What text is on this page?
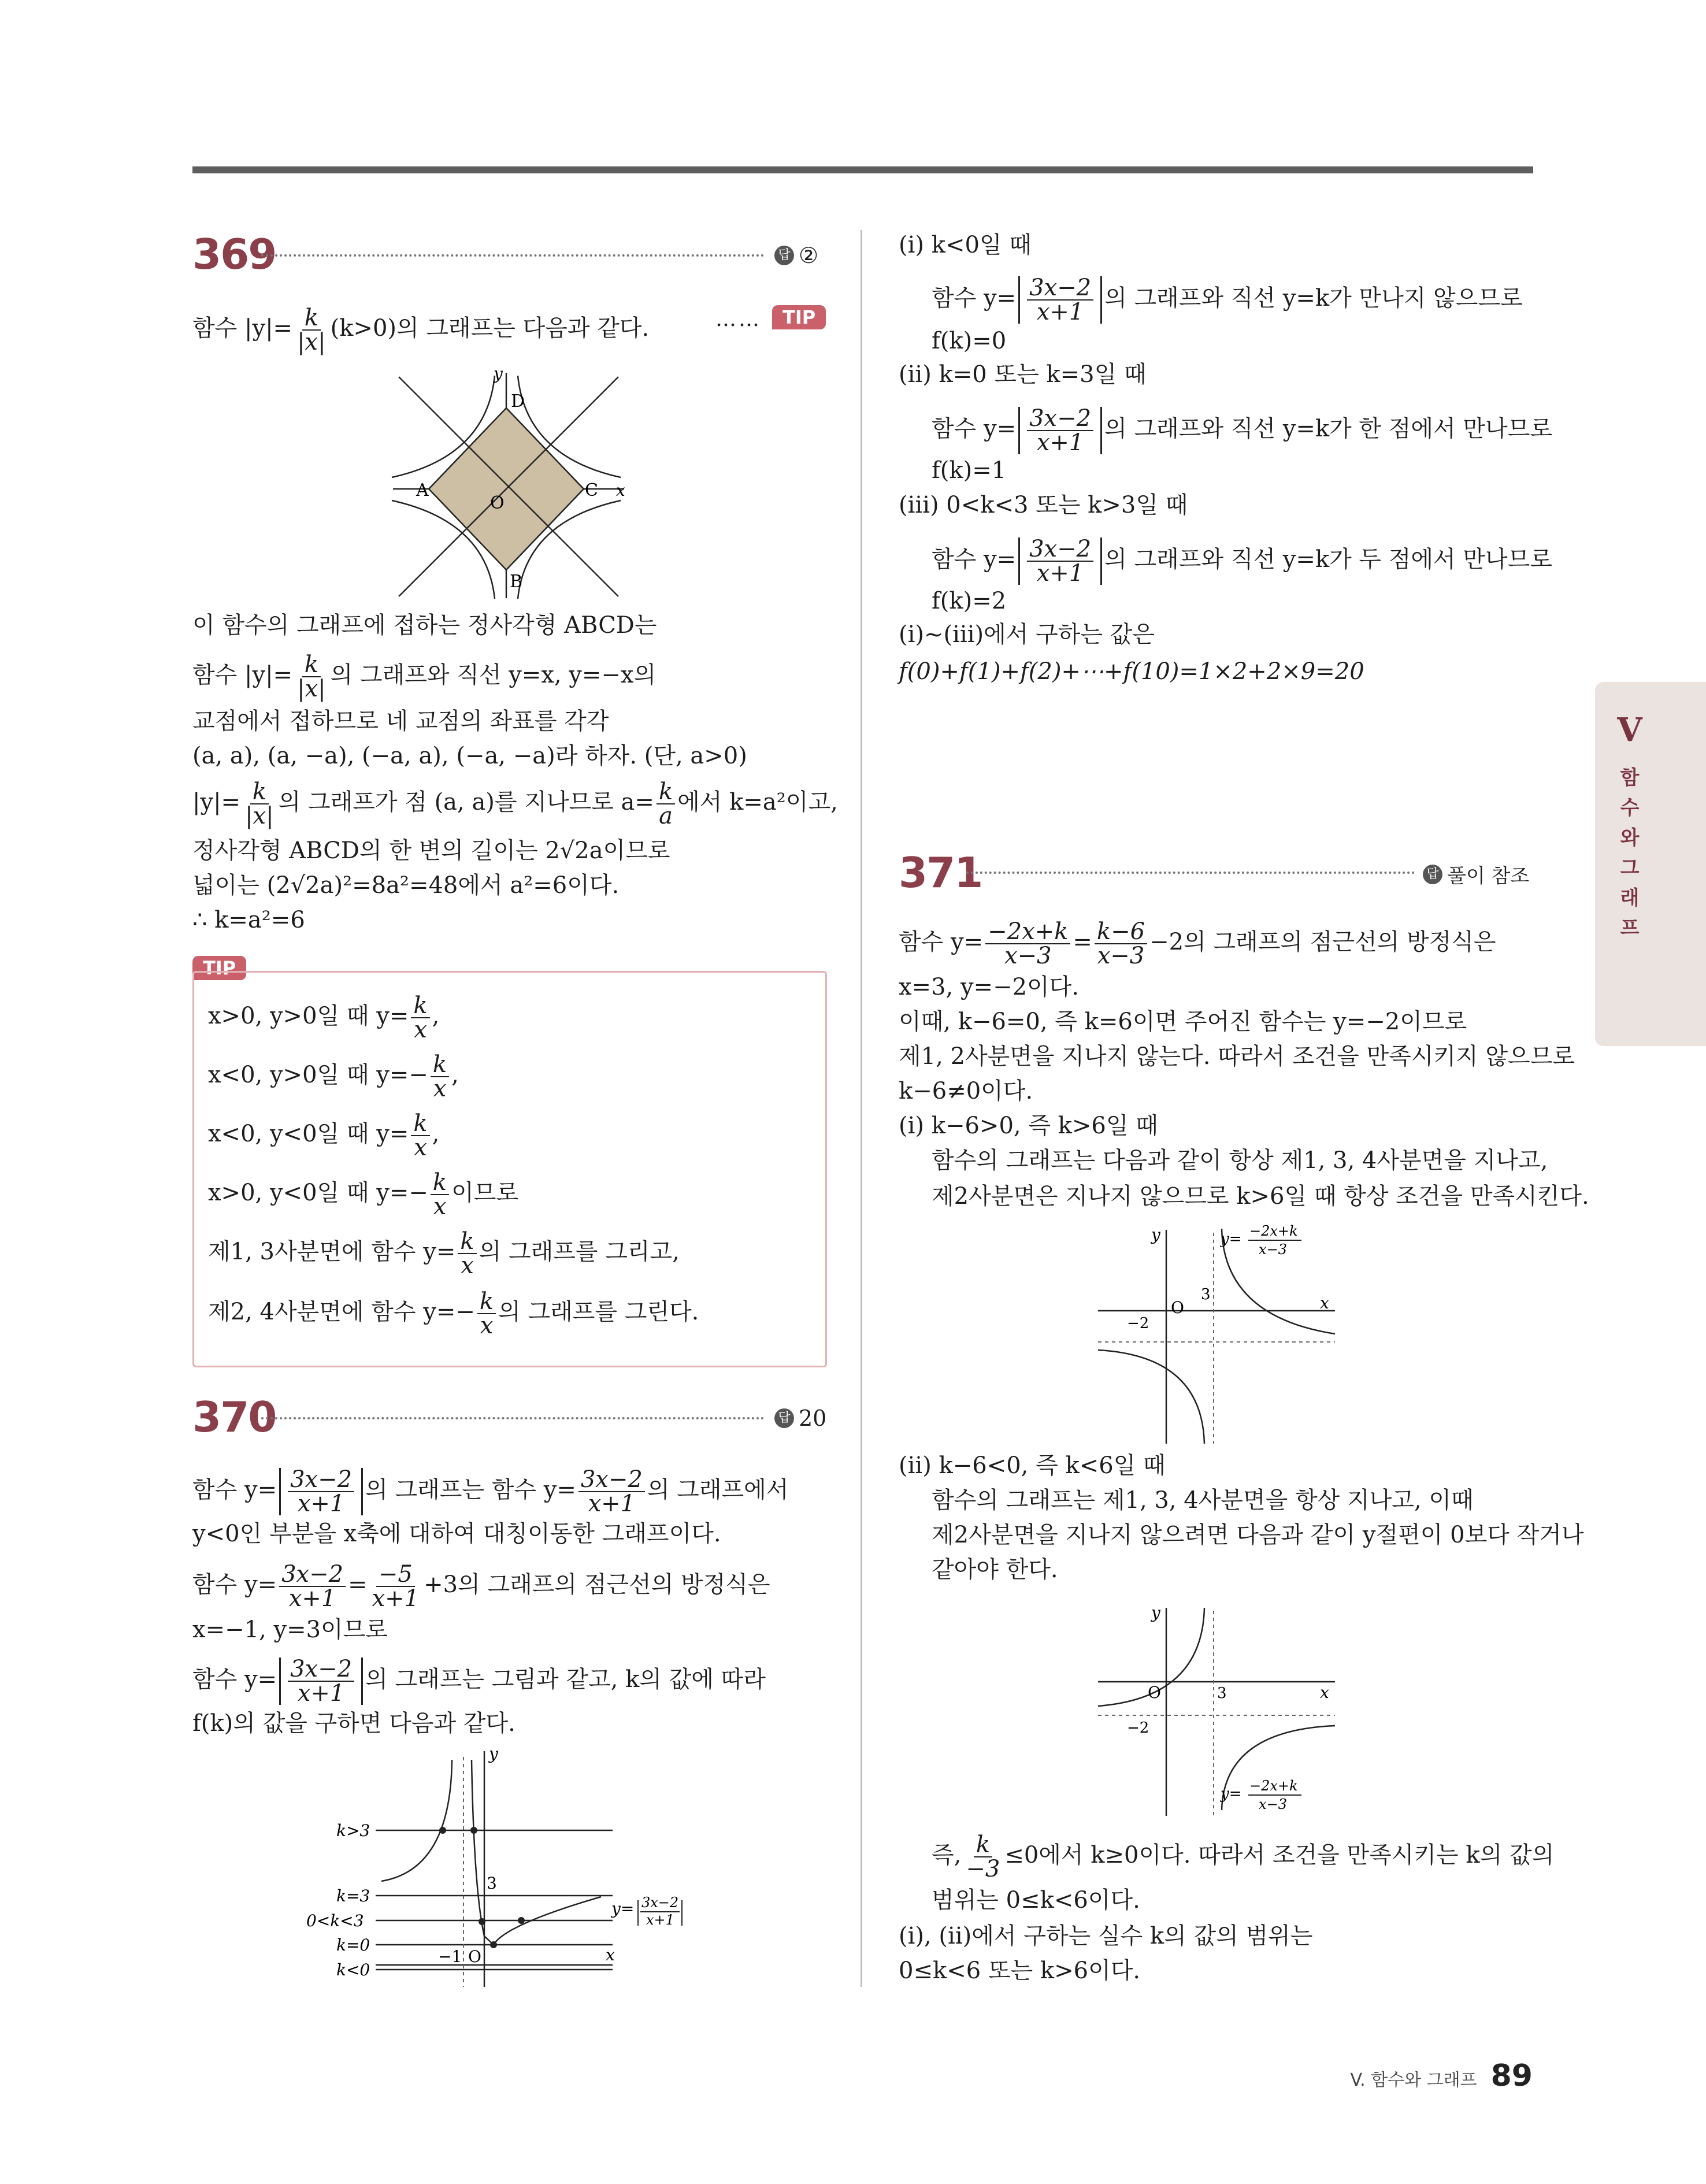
369	답 ②
함수 $|y|= \frac{k}{|x|} (k>0)$의 그래프는 다음과 같다.	……	TIP
y
x
D
A	C
B
O
이 함수의 그래프에 접하는 정사각형 ABCD는
함수 $|y|= \frac{k}{|x|}$ 의 그래프와 직선 y=x, y=−x의
교점에서 접하므로 네 교점의 좌표를 각각
(a, a), (a, −a), (−a, a), (−a, −a)라 하자. (단, a>0)
$|y|= \frac{k}{|x|}$ 의 그래프가 점 (a, a)를 지나므로 $a= \frac{k}{a}$ 에서 k=a²이고,
정사각형 ABCD의 한 변의 길이는 2√2a이므로
넓이는 (2√2a)²=8a²=48에서 a²=6이다.
∴ k=a²=6
TIP
x>0, y>0일 때 $y= \frac{k}{x}$ ,
x<0, y>0일 때 $y=- \frac{k}{x}$ ,
x<0, y<0일 때 $y= \frac{k}{x}$ ,
x>0, y<0일 때 $y=- \frac{k}{x}$ 이므로
제1, 3사분면에 함수 $y= \frac{k}{x}$ 의 그래프를 그리고,
제2, 4사분면에 함수 $y=- \frac{k}{x}$ 의 그래프를 그린다.
370	답 20
함수 $y= \frac{3x-2}{x+1}$ 의 그래프는 함수 $y= \frac{3x-2}{x+1}$ 의 그래프에서
y<0인 부분을 x축에 대하여 대칭이동한 그래프이다.
함수 $y= \frac{3x-2}{x+1} = \frac{-5}{x+1} +3$의 그래프의 점근선의 방정식은
x=−1, y=3이므로
함수 $y= \frac{3x-2}{x+1}$ 의 그래프는 그림과 같고, k의 값에 따라
f(k)의 값을 구하면 다음과 같다.
k>3
k=3
0<k<3
k=0
k<0
3
−1 O	x
y
y= 3x−2
x+1
(i) k<0일 때
함수 $y= \frac{3x-2}{x+1}$ 의 그래프와 직선 y=k가 만나지 않으므로
f(k)=0
(ii) k=0 또는 k=3일 때
함수 $y= \frac{3x-2}{x+1}$ 의 그래프와 직선 y=k가 한 점에서 만나므로
f(k)=1
(iii) 0<k<3 또는 k>3일 때
함수 $y= \frac{3x-2}{x+1}$ 의 그래프와 직선 y=k가 두 점에서 만나므로
f(k)=2
(i)~(iii)에서 구하는 값은
f(0)+f(1)+f(2)+⋯+f(10)=1×2+2×9=20
371	답 풀이 참조
함수 $y= \frac{-2x+k}{x-3} = \frac{k-6}{x-3} -2$의 그래프의 점근선의 방정식은
x=3, y=−2이다.
이때, k−6=0, 즉 k=6이면 주어진 함수는 y=−2이므로
제1, 2사분면을 지나지 않는다. 따라서 조건을 만족시키지 않으므로
k−6≠0이다.
(i) k−6>0, 즉 k>6일 때
함수의 그래프는 다음과 같이 항상 제1, 3, 4사분면을 지나고,
제2사분면은 지나지 않으므로 k>6일 때 항상 조건을 만족시킨다.
y
x
O
3
−2
y= −2x+k
x−3
(ii) k−6<0, 즉 k<6일 때
함수의 그래프는 제1, 3, 4사분면을 항상 지나고, 이때
제2사분면을 지나지 않으려면 다음과 같이 y절편이 0보다 작거나
같아야 한다.
y
x
O	3
−2
y= −2x+k
x−3
즉, $\frac{k}{-3} \le 0$에서 k≥0이다. 따라서 조건을 만족시키는 k의 값의
범위는 0≤k<6이다.
(i), (ii)에서 구하는 실수 k의 값의 범위는
0≤k<6 또는 k>6이다.
V
함
수
와
그
래
프
V. 함수와 그래프 89
